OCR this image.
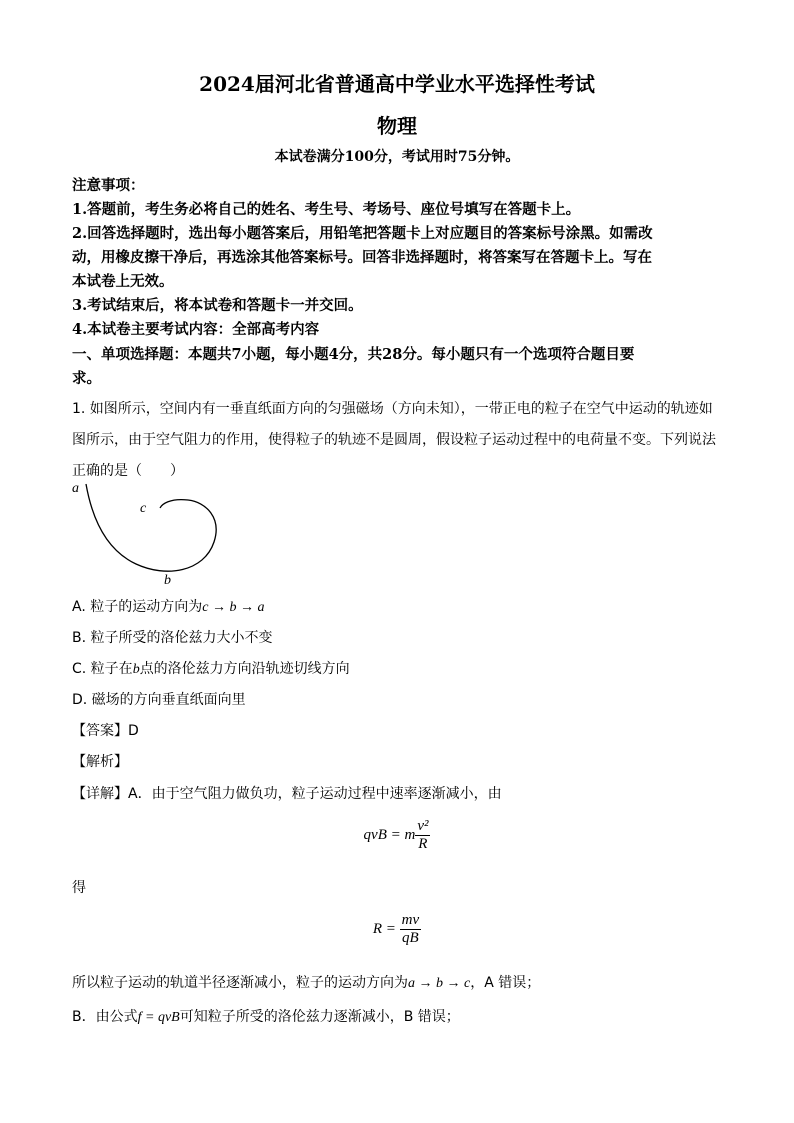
2024届河北省普通高中学业水平选择性考试
物理
本试卷满分100分，考试用时75分钟。
注意事项：
1.答题前，考生务必将自己的姓名、考生号、考场号、座位号填写在答题卡上。
2.回答选择题时，选出每小题答案后，用铅笔把答题卡上对应题目的答案标号涂黑。如需改
动，用橡皮擦干净后，再选涂其他答案标号。回答非选择题时，将答案写在答题卡上。写在
本试卷上无效。
3.考试结束后，将本试卷和答题卡一并交回。
4.本试卷主要考试内容：全部高考内容
一、单项选择题：本题共7小题，每小题4分，共28分。每小题只有一个选项符合题目要
求。
1. 如图所示，空间内有一垂直纸面方向的匀强磁场（方向未知），一带正电的粒子在空气中运动的轨迹如
图所示，由于空气阻力的作用，使得粒子的轨迹不是圆周，假设粒子运动过程中的电荷量不变。下列说法
正确的是（　　）
a
c
b
A. 粒子的运动方向为c → b → a
B. 粒子所受的洛伦兹力大小不变
C. 粒子在b点的洛伦兹力方向沿轨迹切线方向
D. 磁场的方向垂直纸面向里
【答案】D
【解析】
【详解】A．由于空气阻力做负功，粒子运动过程中速率逐渐减小，由
qvB = m $\frac{\text{v²}}{R}$
得
$R = \frac{mv}{qB}$
所以粒子运动的轨道半径逐渐减小，粒子的运动方向为a → b → c，A 错误；
B．由公式f = qvB可知粒子所受的洛伦兹力逐渐减小，B 错误；
